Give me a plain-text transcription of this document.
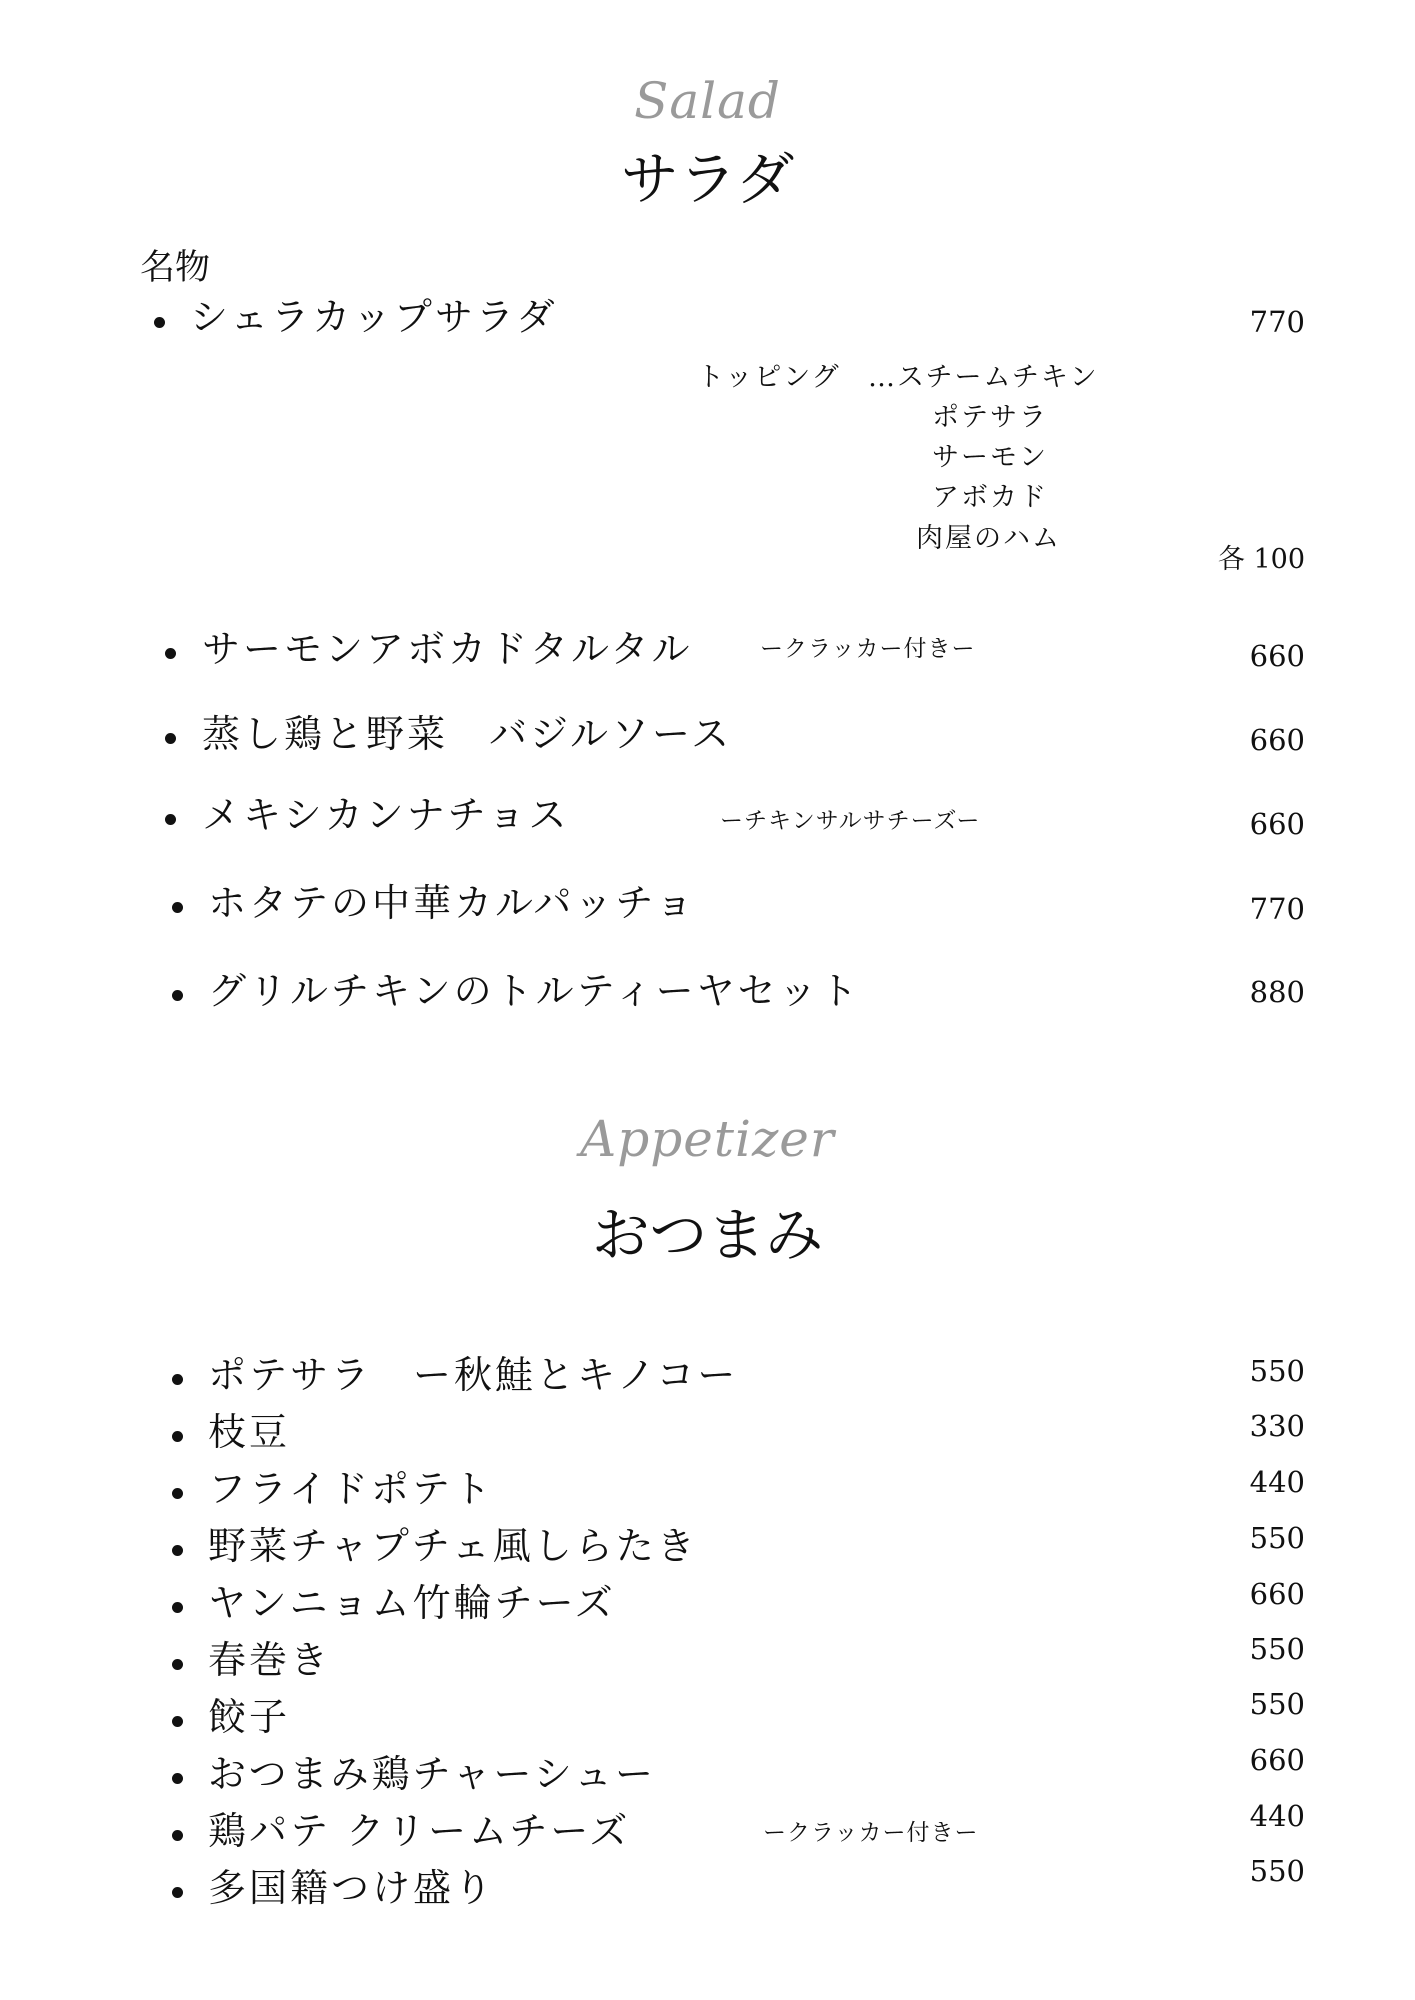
Salad
サラダ
名物
シェラカップサラダ	770
トッピング …スチームチキン
ポテサラ
サーモン
アボカド
肉屋のハム
各 100
サーモンアボカドタルタル	ークラッカー付きー	660
蒸し鶏と野菜　バジルソース	660
メキシカンナチョス	ーチキンサルサチーズー	660
ホタテの中華カルパッチョ	770
グリルチキンのトルティーヤセット	880
Appetizer
おつまみ
ポテサラ　ー秋鮭とキノコー	550
枝豆	330
フライドポテト	440
野菜チャプチェ風しらたき	550
ヤンニョム竹輪チーズ	660
春巻き	550
餃子	550
おつまみ鶏チャーシュー	660
鶏パテ クリームチーズ	ークラッカー付きー	440
多国籍つけ盛り	550
